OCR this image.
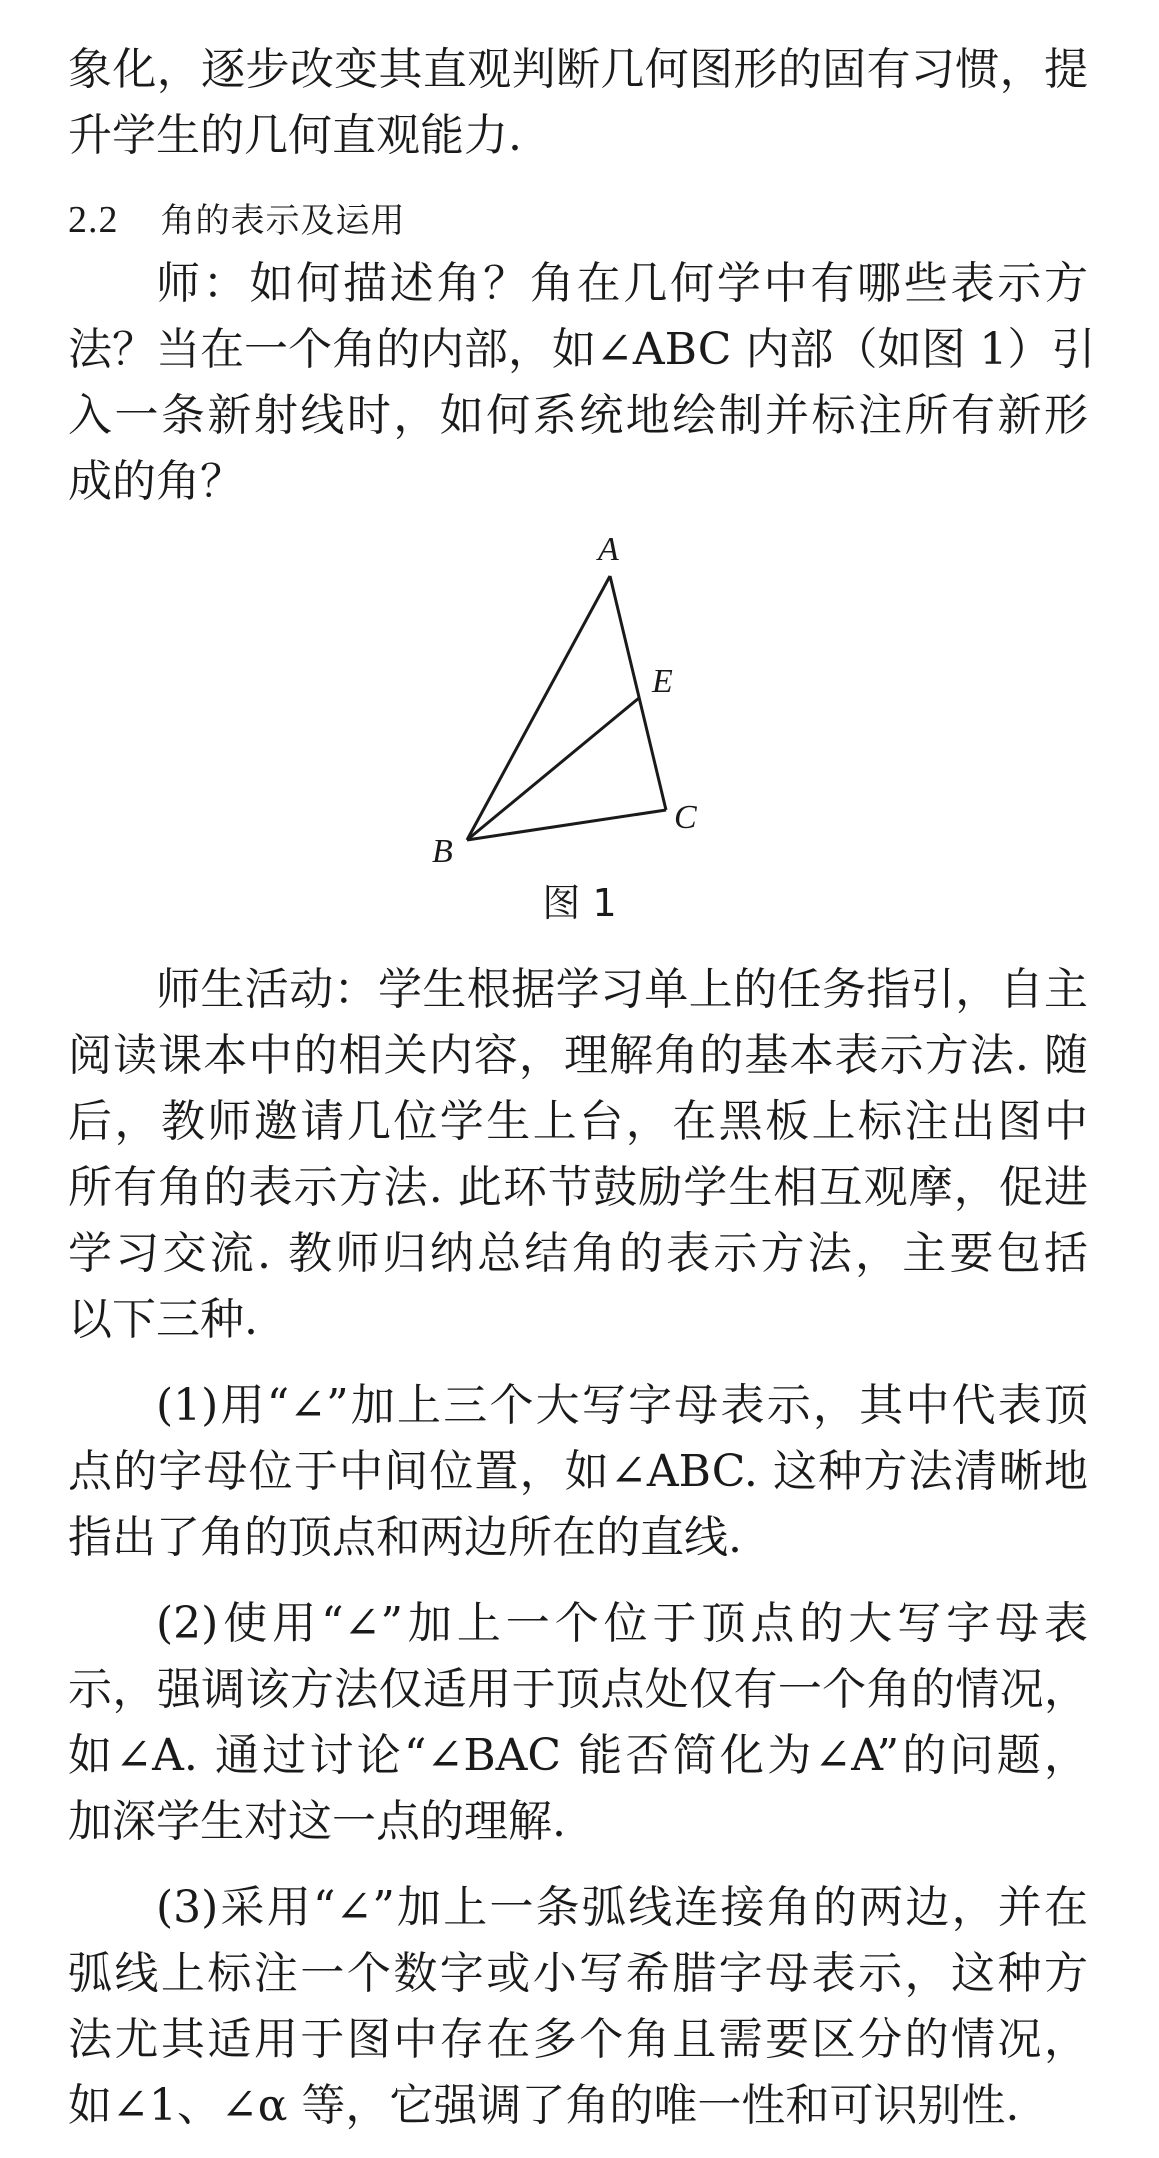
象化，逐步改变其直观判断几何图形的固有习惯，提
升学生的几何直观能力.
2.2 角的表示及运用
师：如何描述角？角在几何学中有哪些表示方
法？当在一个角的内部，如∠ABC 内部（如图 1）引
入一条新射线时，如何系统地绘制并标注所有新形
成的角？
A
E
C
B
图 1
师生活动：学生根据学习单上的任务指引，自主
阅读课本中的相关内容，理解角的基本表示方法. 随
后，教师邀请几位学生上台，在黑板上标注出图中
所有角的表示方法. 此环节鼓励学生相互观摩，促进
学习交流. 教师归纳总结角的表示方法，主要包括
以下三种.
(1)用“∠”加上三个大写字母表示，其中代表顶
点的字母位于中间位置，如∠ABC. 这种方法清晰地
指出了角的顶点和两边所在的直线.
(2)使用“∠”加上一个位于顶点的大写字母表
示，强调该方法仅适用于顶点处仅有一个角的情况，
如∠A. 通过讨论“∠BAC 能否简化为∠A”的问题，
加深学生对这一点的理解.
(3)采用“∠”加上一条弧线连接角的两边，并在
弧线上标注一个数字或小写希腊字母表示，这种方
法尤其适用于图中存在多个角且需要区分的情况，
如∠1、∠α 等，它强调了角的唯一性和可识别性.
